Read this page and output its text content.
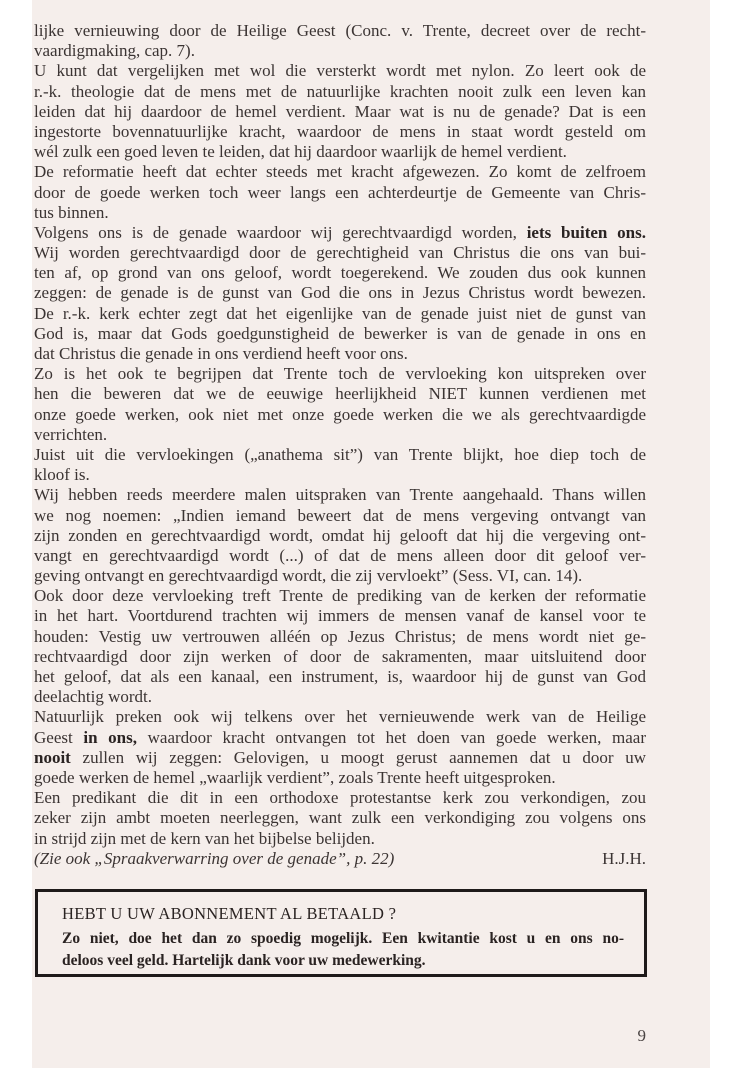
lijke vernieuwing door de Heilige Geest (Conc. v. Trente, decreet over de recht-
vaardigmaking, cap. 7).
U kunt dat vergelijken met wol die versterkt wordt met nylon. Zo leert ook de
r.-k. theologie dat de mens met de natuurlijke krachten nooit zulk een leven kan
leiden dat hij daardoor de hemel verdient. Maar wat is nu de genade? Dat is een
ingestorte bovennatuurlijke kracht, waardoor de mens in staat wordt gesteld om
wél zulk een goed leven te leiden, dat hij daardoor waarlijk de hemel verdient.
De reformatie heeft dat echter steeds met kracht afgewezen. Zo komt de zelfroem
door de goede werken toch weer langs een achterdeurtje de Gemeente van Chris-
tus binnen.
Volgens ons is de genade waardoor wij gerechtvaardigd worden, iets buiten ons.
Wij worden gerechtvaardigd door de gerechtigheid van Christus die ons van bui-
ten af, op grond van ons geloof, wordt toegerekend. We zouden dus ook kunnen
zeggen: de genade is de gunst van God die ons in Jezus Christus wordt bewezen.
De r.-k. kerk echter zegt dat het eigenlijke van de genade juist niet de gunst van
God is, maar dat Gods goedgunstigheid de bewerker is van de genade in ons en
dat Christus die genade in ons verdiend heeft voor ons.
Zo is het ook te begrijpen dat Trente toch de vervloeking kon uitspreken over
hen die beweren dat we de eeuwige heerlijkheid NIET kunnen verdienen met
onze goede werken, ook niet met onze goede werken die we als gerechtvaardigde
verrichten.
Juist uit die vervloekingen („anathema sit”) van Trente blijkt, hoe diep toch de
kloof is.
Wij hebben reeds meerdere malen uitspraken van Trente aangehaald. Thans willen
we nog noemen: „Indien iemand beweert dat de mens vergeving ontvangt van
zijn zonden en gerechtvaardigd wordt, omdat hij gelooft dat hij die vergeving ont-
vangt en gerechtvaardigd wordt (...) of dat de mens alleen door dit geloof ver-
geving ontvangt en gerechtvaardigd wordt, die zij vervloekt” (Sess. VI, can. 14).
Ook door deze vervloeking treft Trente de prediking van de kerken der reformatie
in het hart. Voortdurend trachten wij immers de mensen vanaf de kansel voor te
houden: Vestig uw vertrouwen alléén op Jezus Christus; de mens wordt niet ge-
rechtvaardigd door zijn werken of door de sakramenten, maar uitsluitend door
het geloof, dat als een kanaal, een instrument, is, waardoor hij de gunst van God
deelachtig wordt.
Natuurlijk preken ook wij telkens over het vernieuwende werk van de Heilige
Geest in ons, waardoor kracht ontvangen tot het doen van goede werken, maar
nooit zullen wij zeggen: Gelovigen, u moogt gerust aannemen dat u door uw
goede werken de hemel „waarlijk verdient”, zoals Trente heeft uitgesproken.
Een predikant die dit in een orthodoxe protestantse kerk zou verkondigen, zou
zeker zijn ambt moeten neerleggen, want zulk een verkondiging zou volgens ons
in strijd zijn met de kern van het bijbelse belijden.
(Zie ook „Spraakverwarring over de genade”, p. 22)	H.J.H.
HEBT U UW ABONNEMENT AL BETAALD ?
Zo niet, doe het dan zo spoedig mogelijk. Een kwitantie kost u en ons no-
deloos veel geld. Hartelijk dank voor uw medewerking.
9
